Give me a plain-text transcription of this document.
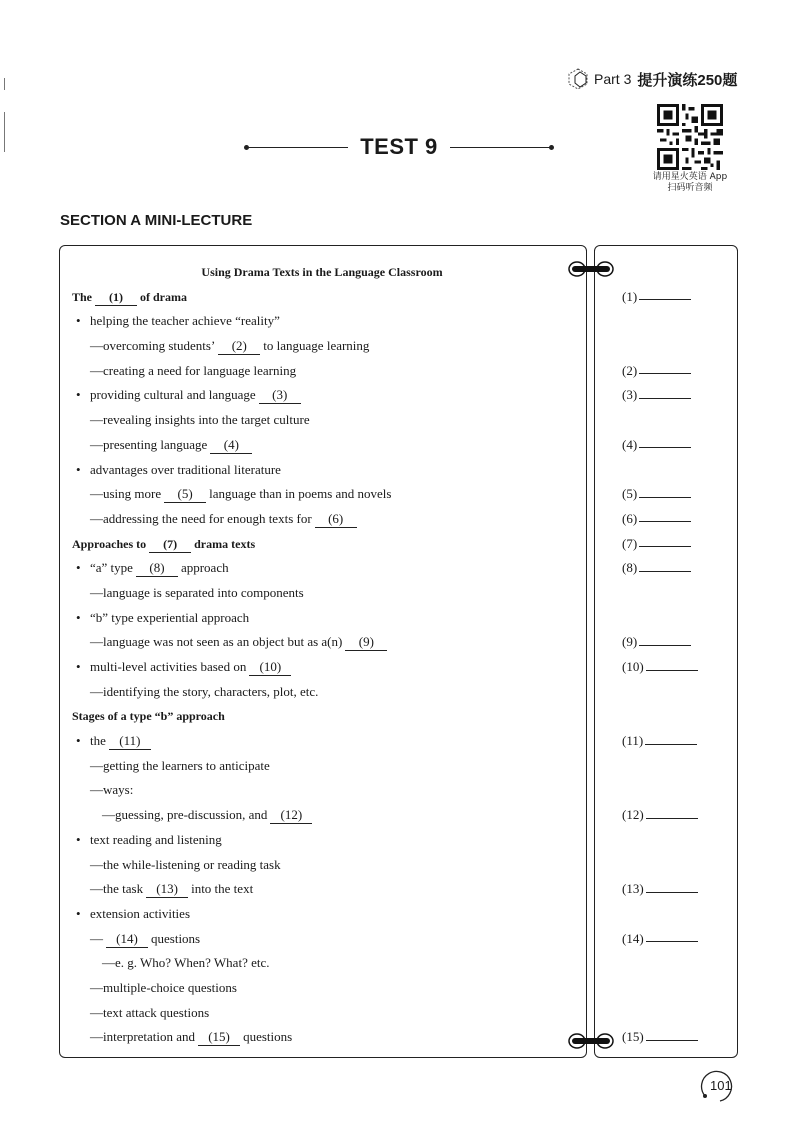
Part 3 提升演练250题
请用星火英语 App
扫码听音频
TEST 9
SECTION A MINI-LECTURE
Using Drama Texts in the Language Classroom
The (1) of drama
• helping the teacher achieve “reality”
—overcoming students’ (2) to language learning
—creating a need for language learning
• providing cultural and language (3)
—revealing insights into the target culture
—presenting language (4)
• advantages over traditional literature
—using more (5) language than in poems and novels
—addressing the need for enough texts for (6)
Approaches to (7) drama texts
• “a” type (8) approach
—language is separated into components
• “b” type experiential approach
—language was not seen as an object but as a(n) (9)
• multi-level activities based on (10)
—identifying the story, characters, plot, etc.
Stages of a type “b” approach
• the (11)
—getting the learners to anticipate
—ways:
—guessing, pre-discussion, and (12)
• text reading and listening
—the while-listening or reading task
—the task (13) into the text
• extension activities
— (14) questions
—e. g. Who? When? What? etc.
—multiple-choice questions
—text attack questions
—interpretation and (15) questions
(1)
(2)
(3)
(4)
(5)
(6)
(7)
(8)
(9)
(10)
(11)
(12)
(13)
(14)
(15)
101
